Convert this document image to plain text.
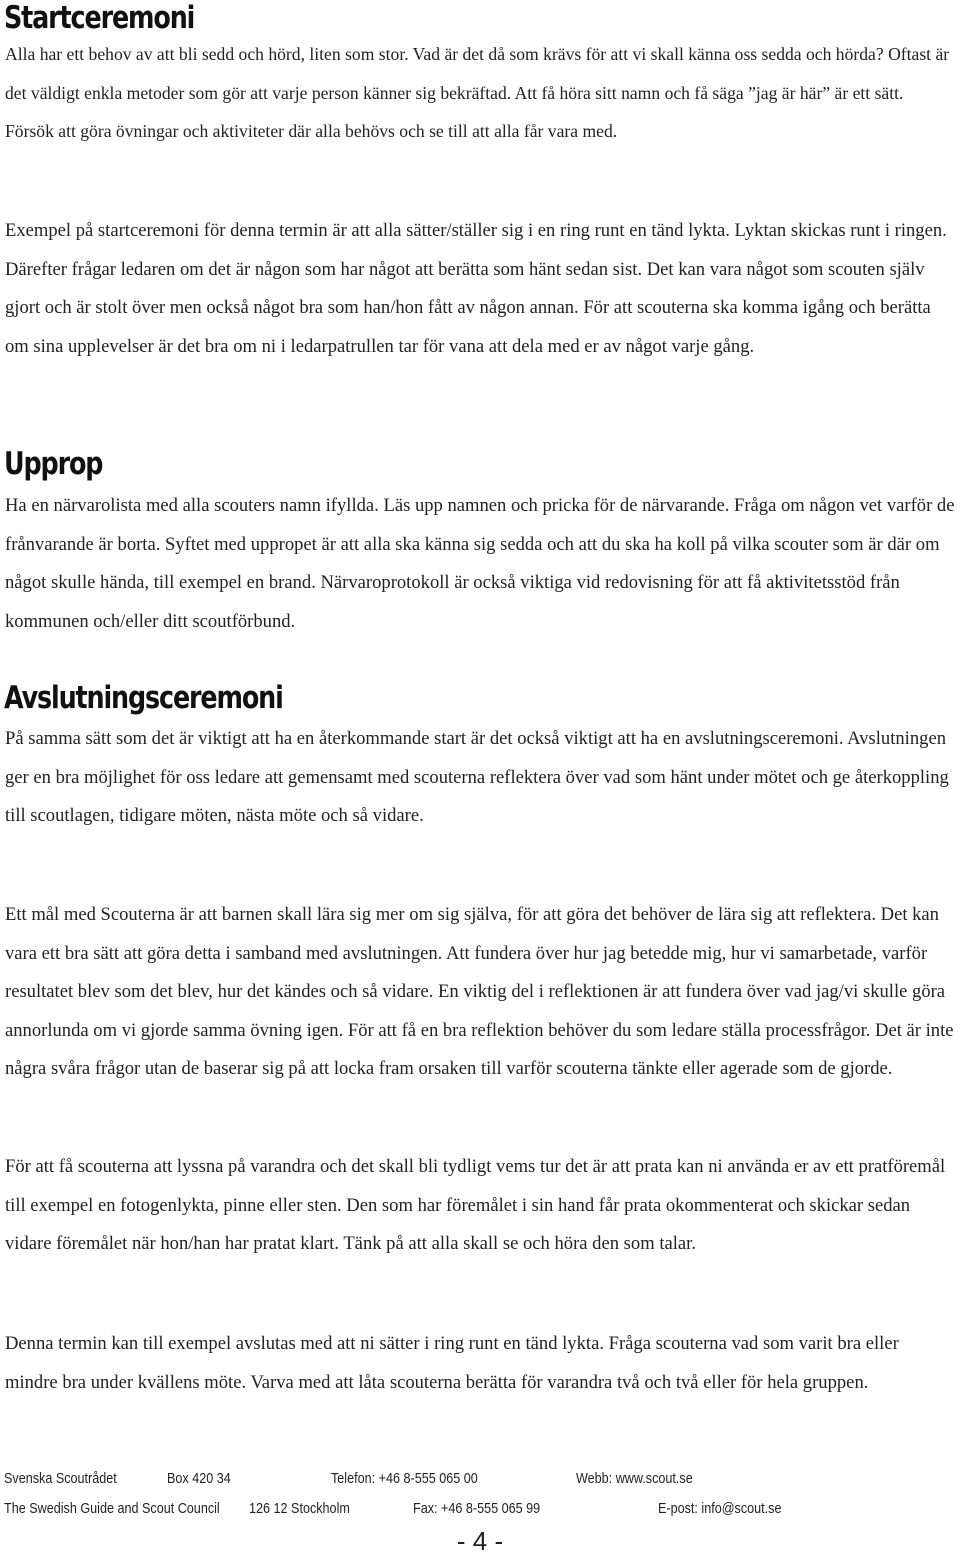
Startceremoni

Alla har ett behov av att bli sedd och hörd, liten som stor. Vad är det då som krävs för att vi skall känna oss sedda och hörda? Oftast är det väldigt enkla metoder som gör att varje person känner sig bekräftad. Att få höra sitt namn och få säga ”jag är här” är ett sätt. Försök att göra övningar och aktiviteter där alla behövs och se till att alla får vara med.

Exempel på startceremoni för denna termin är att alla sätter/ställer sig i en ring runt en tänd lykta. Lyktan skickas runt i ringen. Därefter frågar ledaren om det är någon som har något att berätta som hänt sedan sist. Det kan vara något som scouten själv gjort och är stolt över men också något bra som han/hon fått av någon annan. För att scouterna ska komma igång och berätta om sina upplevelser är det bra om ni i ledarpatrullen tar för vana att dela med er av något varje gång.

Upprop

Ha en närvarolista med alla scouters namn ifyllda. Läs upp namnen och pricka för de närvarande. Fråga om någon vet varför de frånvarande är borta. Syftet med uppropet är att alla ska känna sig sedda och att du ska ha koll på vilka scouter som är där om något skulle hända, till exempel en brand. Närvaroprotokoll är också viktiga vid redovisning för att få aktivitetsstöd från kommunen och/eller ditt scoutförbund.

Avslutningsceremoni

På samma sätt som det är viktigt att ha en återkommande start är det också viktigt att ha en avslutningsceremoni. Avslutningen ger en bra möjlighet för oss ledare att gemensamt med scouterna reflektera över vad som hänt under mötet och ge återkoppling till scoutlagen, tidigare möten, nästa möte och så vidare.

Ett mål med Scouterna är att barnen skall lära sig mer om sig själva, för att göra det behöver de lära sig att reflektera. Det kan vara ett bra sätt att göra detta i samband med avslutningen. Att fundera över hur jag betedde mig, hur vi samarbetade, varför resultatet blev som det blev, hur det kändes och så vidare. En viktig del i reflektionen är att fundera över vad jag/vi skulle göra annorlunda om vi gjorde samma övning igen. För att få en bra reflektion behöver du som ledare ställa processfrågor. Det är inte några svåra frågor utan de baserar sig på att locka fram orsaken till varför scouterna tänkte eller agerade som de gjorde.

För att få scouterna att lyssna på varandra och det skall bli tydligt vems tur det är att prata kan ni använda er av ett pratföremål till exempel en fotogenlykta, pinne eller sten. Den som har föremålet i sin hand får prata okommenterat och skickar sedan vidare föremålet när hon/han har pratat klart. Tänk på att alla skall se och höra den som talar.

Denna termin kan till exempel avslutas med att ni sätter i ring runt en tänd lykta. Fråga scouterna vad som varit bra eller mindre bra under kvällens möte. Varva med att låta scouterna berätta för varandra två och två eller för hela gruppen.

Svenska Scoutrådet	Box 420 34	Telefon: +46 8-555 065 00	Webb: www.scout.se
The Swedish Guide and Scout Council 126 12 Stockholm	Fax: +46 8-555 065 99	E-post: info@scout.se
- 4 -
